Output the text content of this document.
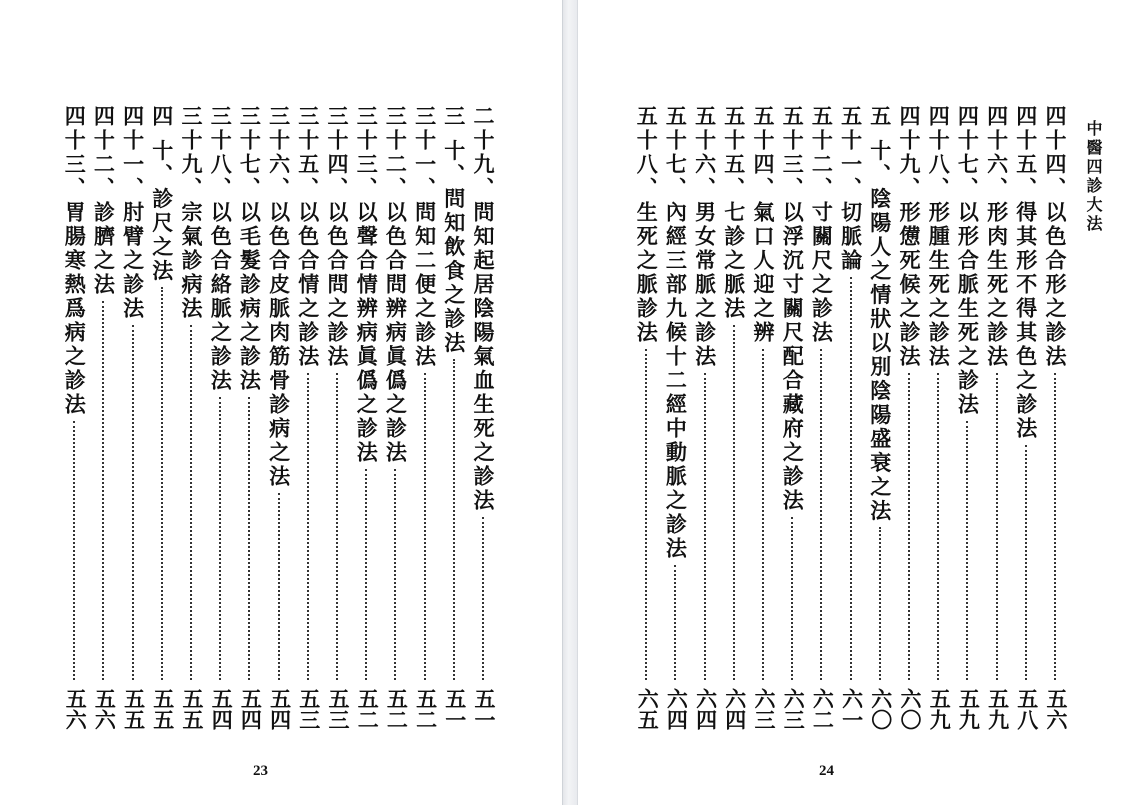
二十九、問知起居陰陽氣血生死之診法
五一
三 十、問知飲食之診法
五一
三十一、問知二便之診法
五二
三十二、以色合問辨病眞僞之診法
五二
三十三、以聲合情辨病眞僞之診法
五二
三十四、以色合問之診法
五三
三十五、以色合情之診法
五三
三十六、以色合皮脈肉筋骨診病之法
五四
三十七、以毛髮診病之診法
五四
三十八、以色合絡脈之診法
五四
三十九、宗氣診病法
五五
四 十、診尺之法
五五
四十一、肘臂之診法
五五
四十二、診臍之法
五六
四十三、胃腸寒熱爲病之診法
五六
23
中醫四診大法
四十四、以色合形之診法
五六
四十五、得其形不得其色之診法
五八
四十六、形肉生死之診法
五九
四十七、以形合脈生死之診法
五九
四十八、形腫生死之診法
五九
四十九、形憊死候之診法
六〇
五 十、陰陽人之情狀以別陰陽盛衰之法
六〇
五十一、切脈論
六一
五十二、寸關尺之診法
六二
五十三、以浮沉寸關尺配合藏府之診法
六三
五十四、氣口人迎之辨
六三
五十五、七診之脈法
六四
五十六、男女常脈之診法
六四
五十七、內經三部九候十二經中動脈之診法
六四
五十八、生死之脈診法
六五
24
